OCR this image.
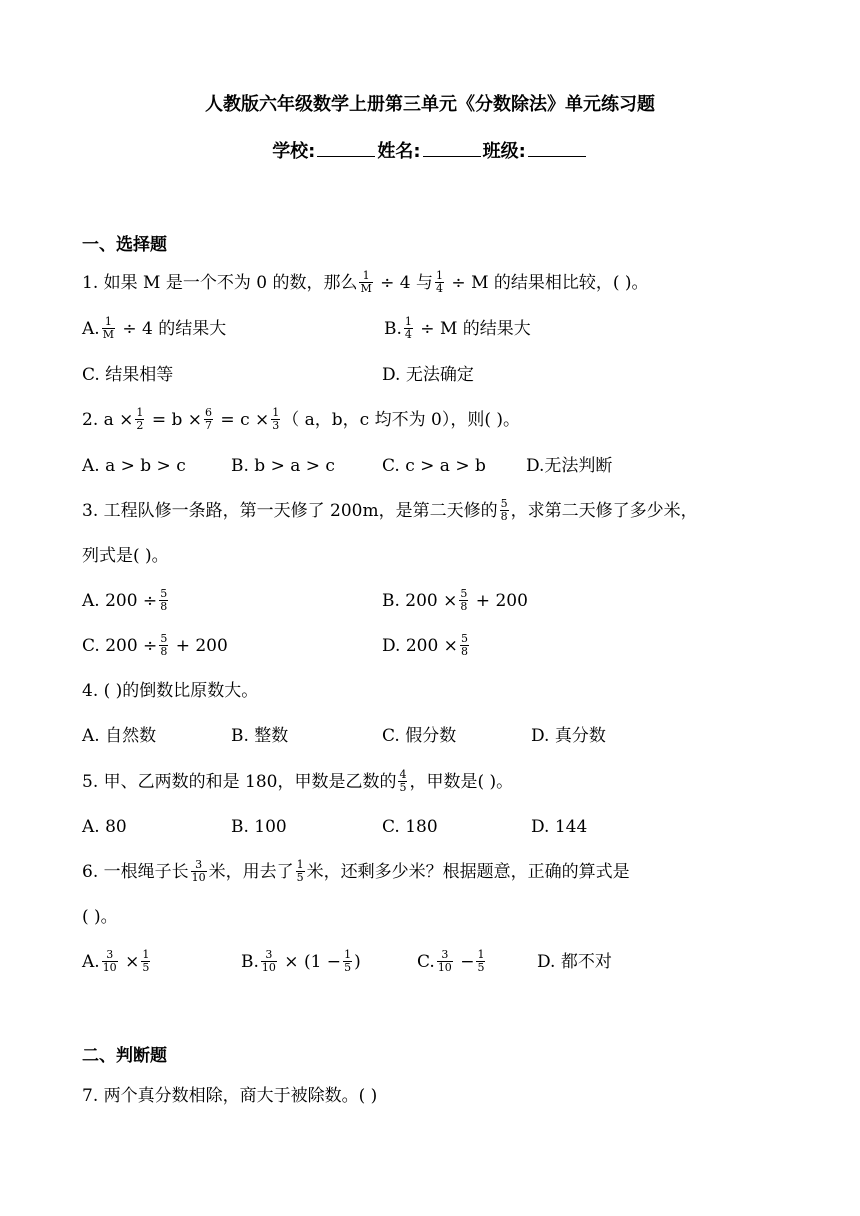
人教版六年级数学上册第三单元《分数除法》单元练习题
学校:	姓名:	班级:
一、选择题
1. 如果 M 是一个不为 0 的数，那么 $\frac{1}{M} \div 4$ 与 $\frac{1}{4} \div M$ 的结果相比较，( )。
A. $\frac{1}{M} \div 4$ 的结果大	B. $\frac{1}{4} \div M$ 的结果大
C. 结果相等	D. 无法确定
2. $a \times \frac{1}{2} = b \times \frac{6}{7} = c \times \frac{1}{3}$ （ a，b，c 均不为 0），则( )。
A. a > b > c	B. b > a > c	C. c > a > b D.无法判断
3. 工程队修一条路，第一天修了 200m，是第二天修的 $\frac{5}{8}$ ，求第二天修了多少米，
列式是( )。
A. $200 \div \frac{5}{8}$	B. $200 \times \frac{5}{8} + 200$
C. $200 \div \frac{5}{8} + 200$	D. $200 \times \frac{5}{8}$
4. ( )的倒数比原数大。
A. 自然数	B. 整数	C. 假分数	D. 真分数
5. 甲、乙两数的和是 180，甲数是乙数的 $\frac{4}{5}$ ，甲数是( )。
A. 80	B. 100	C. 180	D. 144
6. 一根绳子长 $\frac{3}{10}$ 米，用去了 $\frac{1}{5}$ 米，还剩多少米？根据题意，正确的算式是
( )。
A. $\frac{3}{10} \times \frac{1}{5}$	B. $\frac{3}{10} \times (1 - \frac{1}{5}$ )	C. $\frac{3}{10} - \frac{1}{5}$	D. 都不对
二、判断题
7. 两个真分数相除，商大于被除数。( )
